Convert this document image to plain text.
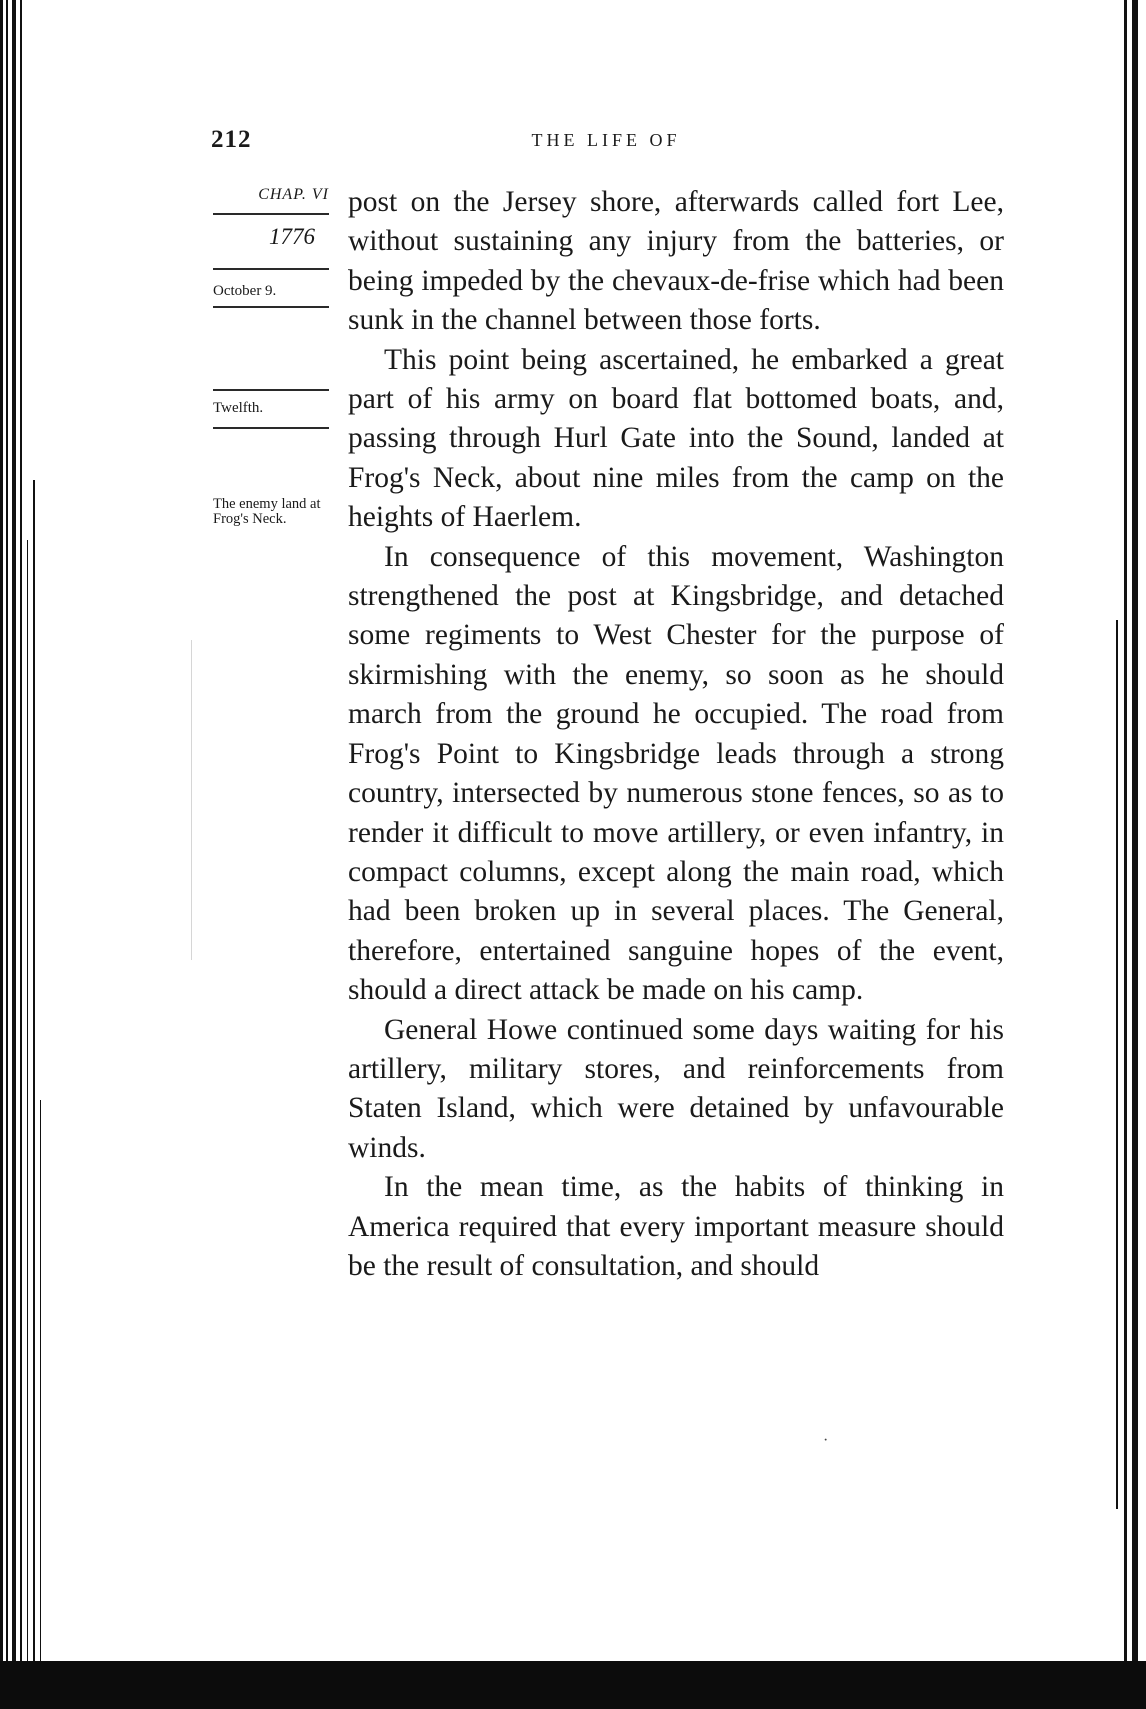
212	THE LIFE OF
CHAP. VI
1776
October 9.
Twelfth.
The enemy land at Frog's Neck.

post on the Jersey shore, afterwards called fort Lee, without sustaining any injury from the batteries, or being impeded by the chevaux-de-frise which had been sunk in the channel between those forts.

This point being ascertained, he embarked a great part of his army on board flat bottomed boats, and, passing through Hurl Gate into the Sound, landed at Frog's Neck, about nine miles from the camp on the heights of Haerlem.

In consequence of this movement, Washington strengthened the post at Kingsbridge, and detached some regiments to West Chester for the purpose of skirmishing with the enemy, so soon as he should march from the ground he occupied. The road from Frog's Point to Kingsbridge leads through a strong country, intersected by numerous stone fences, so as to render it difficult to move artillery, or even infantry, in compact columns, except along the main road, which had been broken up in several places. The General, therefore, entertained sanguine hopes of the event, should a direct attack be made on his camp.

General Howe continued some days waiting for his artillery, military stores, and reinforcements from Staten Island, which were detained by unfavourable winds.

In the mean time, as the habits of thinking in America required that every important measure should be the result of consultation, and should

·
